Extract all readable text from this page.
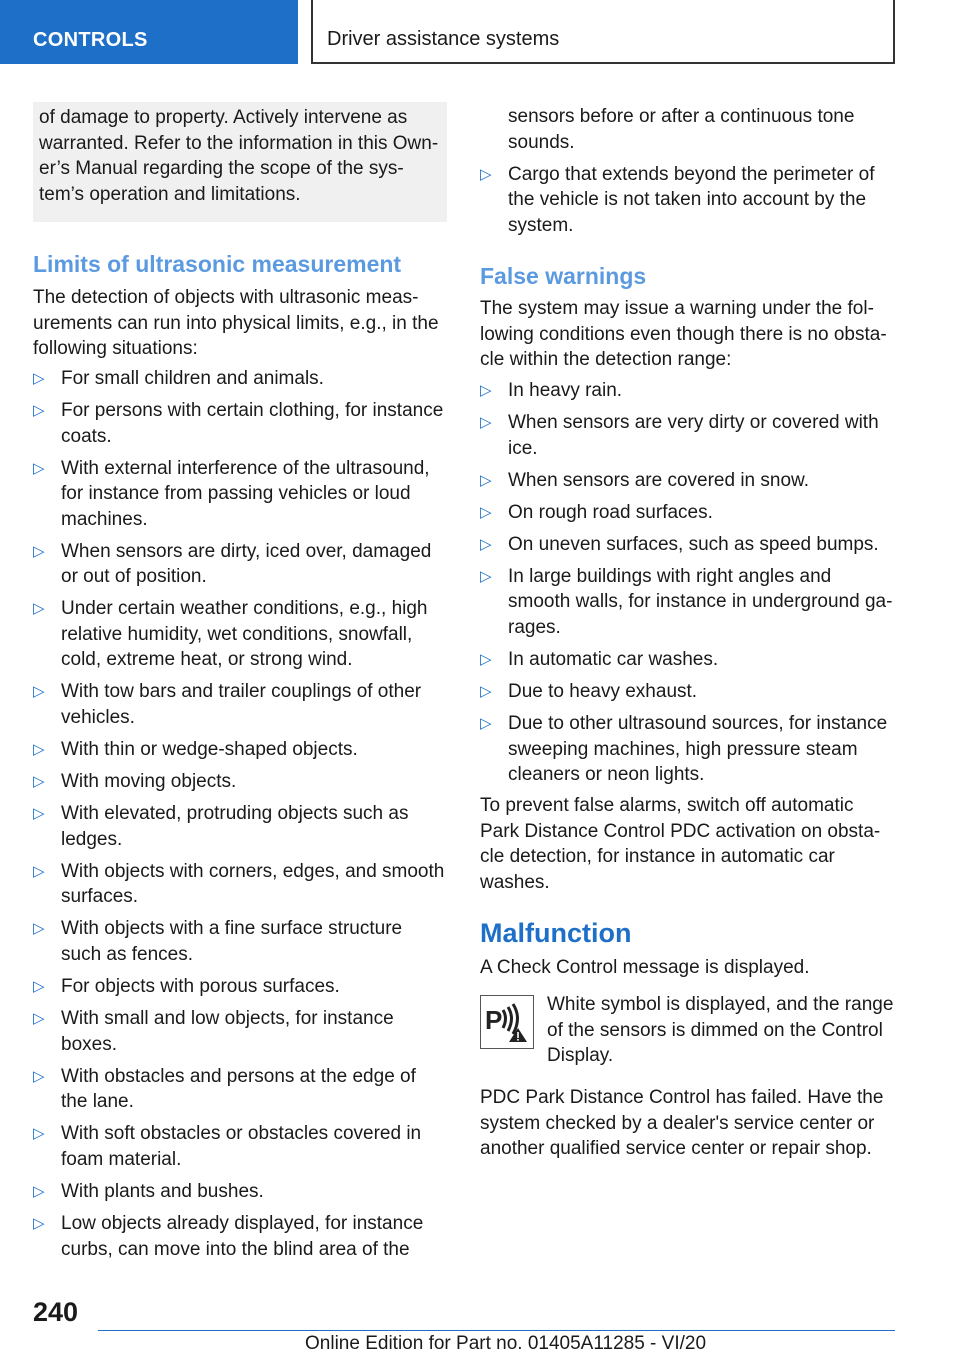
CONTROLS	Driver assistance systems

of damage to property. Actively intervene as warranted. Refer to the information in this Own-er’s Manual regarding the scope of the sys-tem’s operation and limitations.

Limits of ultrasonic measurement

The detection of objects with ultrasonic meas-urements can run into physical limits, e.g., in the following situations:

▷ For small children and animals.
▷ For persons with certain clothing, for instance coats.
▷ With external interference of the ultrasound, for instance from passing vehicles or loud machines.
▷ When sensors are dirty, iced over, damaged or out of position.
▷ Under certain weather conditions, e.g., high relative humidity, wet conditions, snowfall, cold, extreme heat, or strong wind.
▷ With tow bars and trailer couplings of other vehicles.
▷ With thin or wedge-shaped objects.
▷ With moving objects.
▷ With elevated, protruding objects such as ledges.
▷ With objects with corners, edges, and smooth surfaces.
▷ With objects with a fine surface structure such as fences.
▷ For objects with porous surfaces.
▷ With small and low objects, for instance boxes.
▷ With obstacles and persons at the edge of the lane.
▷ With soft obstacles or obstacles covered in foam material.
▷ With plants and bushes.
▷ Low objects already displayed, for instance curbs, can move into the blind area of the
sensors before or after a continuous tone sounds.
▷ Cargo that extends beyond the perimeter of the vehicle is not taken into account by the system.
False warnings

The system may issue a warning under the fol-lowing conditions even though there is no obsta-cle within the detection range:

▷ In heavy rain.
▷ When sensors are very dirty or covered with ice.
▷ When sensors are covered in snow.
▷ On rough road surfaces.
▷ On uneven surfaces, such as speed bumps.
▷ In large buildings with right angles and smooth walls, for instance in underground ga-rages.
▷ In automatic car washes.
▷ Due to heavy exhaust.
▷ Due to other ultrasound sources, for instance sweeping machines, high pressure steam cleaners or neon lights.

To prevent false alarms, switch off automatic Park Distance Control PDC activation on obsta-cle detection, for instance in automatic car washes.

Malfunction

A Check Control message is displayed.

P

White symbol is displayed, and the range of the sensors is dimmed on the Control Display.

PDC Park Distance Control has failed. Have the system checked by a dealer's service center or another qualified service center or repair shop.

240
Online Edition for Part no. 01405A11285 - VI/20
